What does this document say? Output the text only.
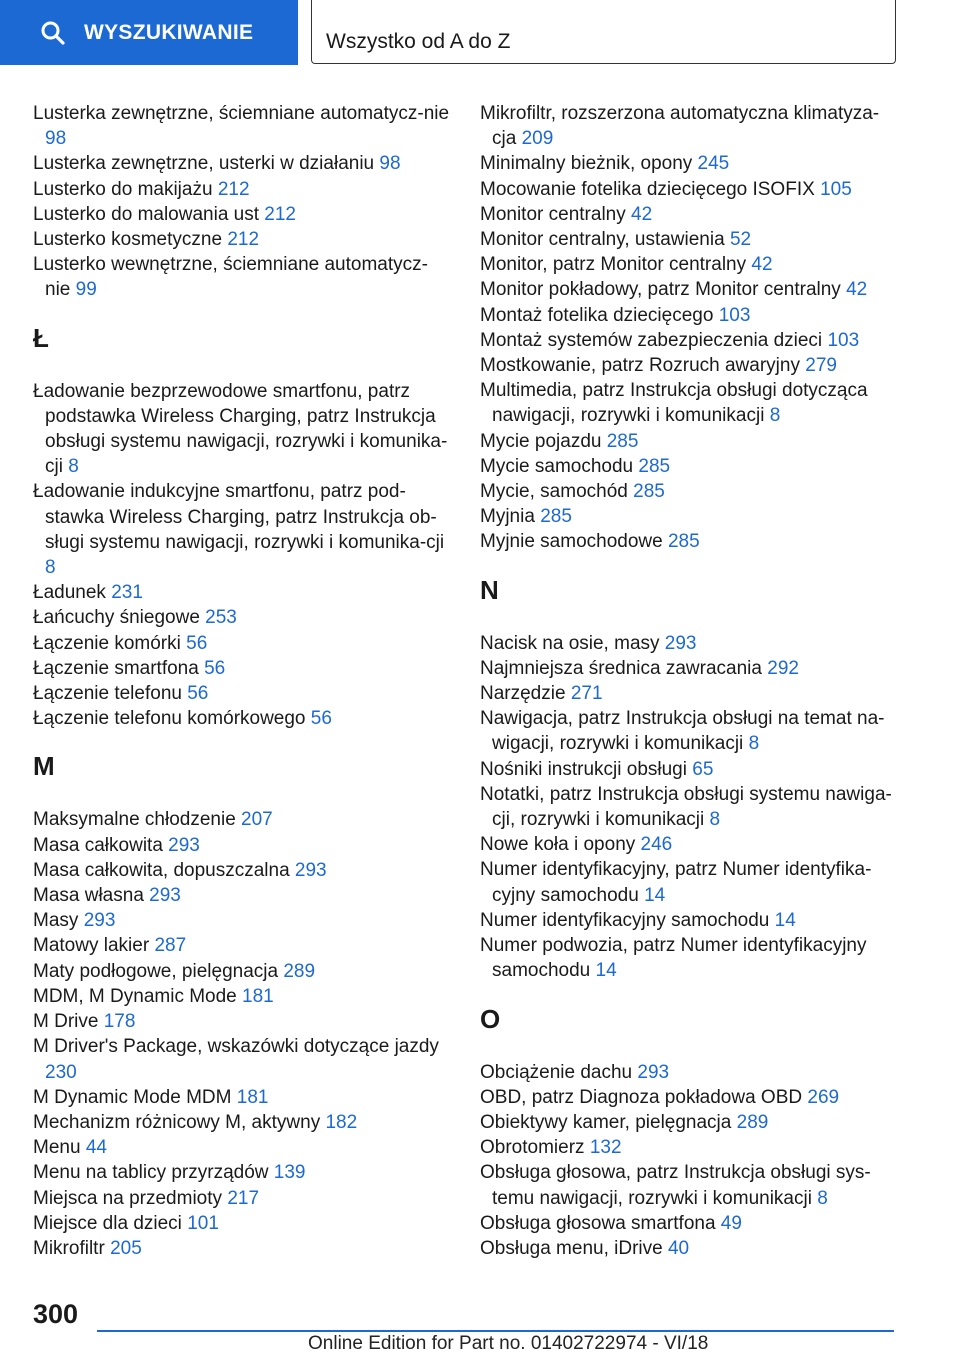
WYSZUKIWANIE	Wszystko od A do Z
Lusterka zewnętrzne, ściemniane automatycz-nie 98
Lusterka zewnętrzne, usterki w działaniu 98
Lusterko do makijażu 212
Lusterko do malowania ust 212
Lusterko kosmetyczne 212
Lusterko wewnętrzne, ściemniane automatycz-nie 99
Ł
Ładowanie bezprzewodowe smartfonu, patrz podstawka Wireless Charging, patrz Instrukcja obsługi systemu nawigacji, rozrywki i komunika-cji 8
Ładowanie indukcyjne smartfonu, patrz pod-stawka Wireless Charging, patrz Instrukcja ob-sługi systemu nawigacji, rozrywki i komunika-cji 8
Ładunek 231
Łańcuchy śniegowe 253
Łączenie komórki 56
Łączenie smartfona 56
Łączenie telefonu 56
Łączenie telefonu komórkowego 56
M
Maksymalne chłodzenie 207
Masa całkowita 293
Masa całkowita, dopuszczalna 293
Masa własna 293
Masy 293
Matowy lakier 287
Maty podłogowe, pielęgnacja 289
MDM, M Dynamic Mode 181
M Drive 178
M Driver's Package, wskazówki dotyczące jazdy 230
M Dynamic Mode MDM 181
Mechanizm różnicowy M, aktywny 182
Menu 44
Menu na tablicy przyrządów 139
Miejsca na przedmioty 217
Miejsce dla dzieci 101
Mikrofiltr 205
Mikrofiltr, rozszerzona automatyczna klimatyza-cja 209
Minimalny bieżnik, opony 245
Mocowanie fotelika dziecięcego ISOFIX 105
Monitor centralny 42
Monitor centralny, ustawienia 52
Monitor, patrz Monitor centralny 42
Monitor pokładowy, patrz Monitor centralny 42
Montaż fotelika dziecięcego 103
Montaż systemów zabezpieczenia dzieci 103
Mostkowanie, patrz Rozruch awaryjny 279
Multimedia, patrz Instrukcja obsługi dotycząca nawigacji, rozrywki i komunikacji 8
Mycie pojazdu 285
Mycie samochodu 285
Mycie, samochód 285
Myjnia 285
Myjnie samochodowe 285
N
Nacisk na osie, masy 293
Najmniejsza średnica zawracania 292
Narzędzie 271
Nawigacja, patrz Instrukcja obsługi na temat na-wigacji, rozrywki i komunikacji 8
Nośniki instrukcji obsługi 65
Notatki, patrz Instrukcja obsługi systemu nawiga-cji, rozrywki i komunikacji 8
Nowe koła i opony 246
Numer identyfikacyjny, patrz Numer identyfika-cyjny samochodu 14
Numer identyfikacyjny samochodu 14
Numer podwozia, patrz Numer identyfikacyjny samochodu 14
O
Obciążenie dachu 293
OBD, patrz Diagnoza pokładowa OBD 269
Obiektywy kamer, pielęgnacja 289
Obrotomierz 132
Obsługa głosowa, patrz Instrukcja obsługi sys-temu nawigacji, rozrywki i komunikacji 8
Obsługa głosowa smartfona 49
Obsługa menu, iDrive 40
300
Online Edition for Part no. 01402722974 - VI/18
